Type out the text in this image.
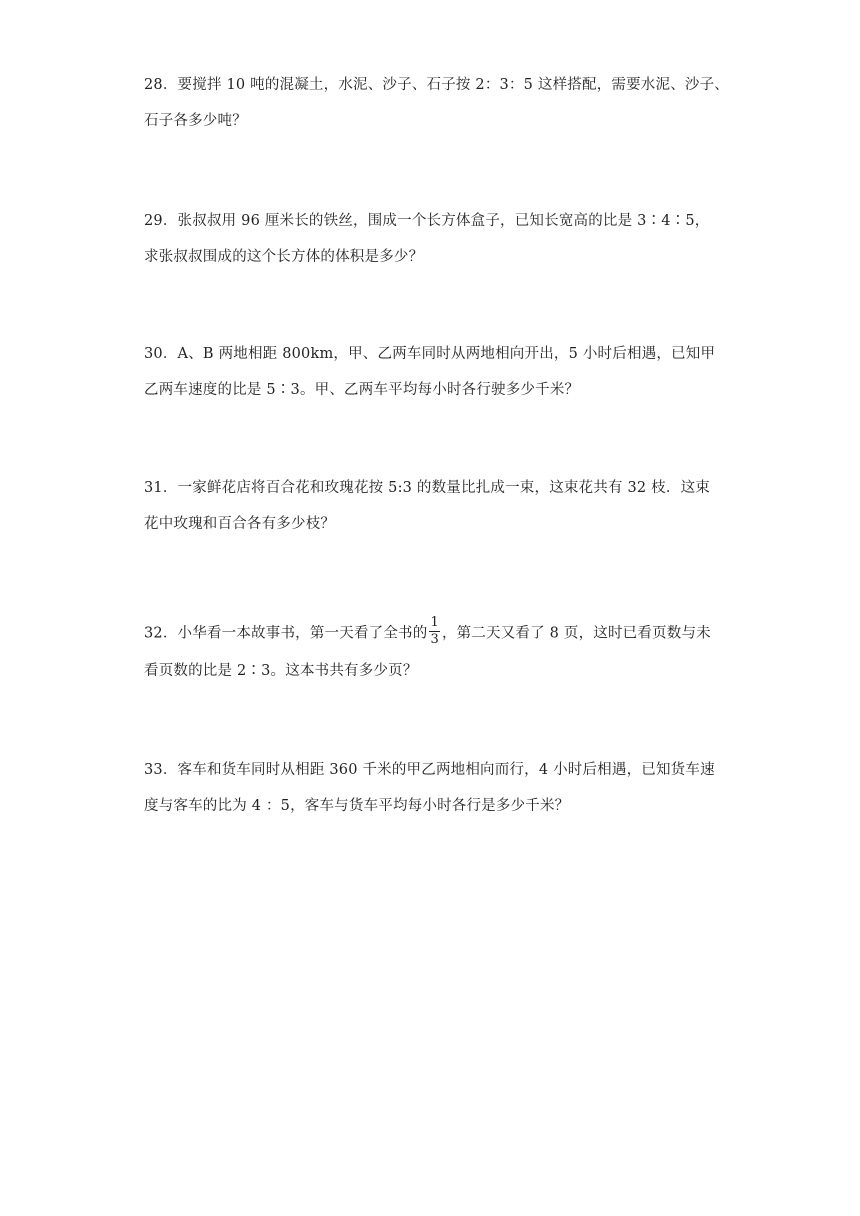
28．要搅拌 10 吨的混凝土，水泥、沙子、石子按 2：3：5 这样搭配，需要水泥、沙子、
石子各多少吨？
29．张叔叔用 96 厘米长的铁丝，围成一个长方体盒子，已知长宽高的比是 3∶4∶5，
求张叔叔围成的这个长方体的体积是多少？
30．A、B 两地相距 800km，甲、乙两车同时从两地相向开出，5 小时后相遇，已知甲
乙两车速度的比是 5∶3。甲、乙两车平均每小时各行驶多少千米？
31．一家鲜花店将百合花和玫瑰花按 5:3 的数量比扎成一束，这束花共有 32 枝．这束
花中玫瑰和百合各有多少枝？
32．小华看一本故事书，第一天看了全书的 $\frac{1}{3}$ ，第二天又看了 8 页，这时已看页数与未
看页数的比是 2∶3。这本书共有多少页？
33．客车和货车同时从相距 360 千米的甲乙两地相向而行，4 小时后相遇，已知货车速
度与客车的比为 4 ：5，客车与货车平均每小时各行是多少千米？
